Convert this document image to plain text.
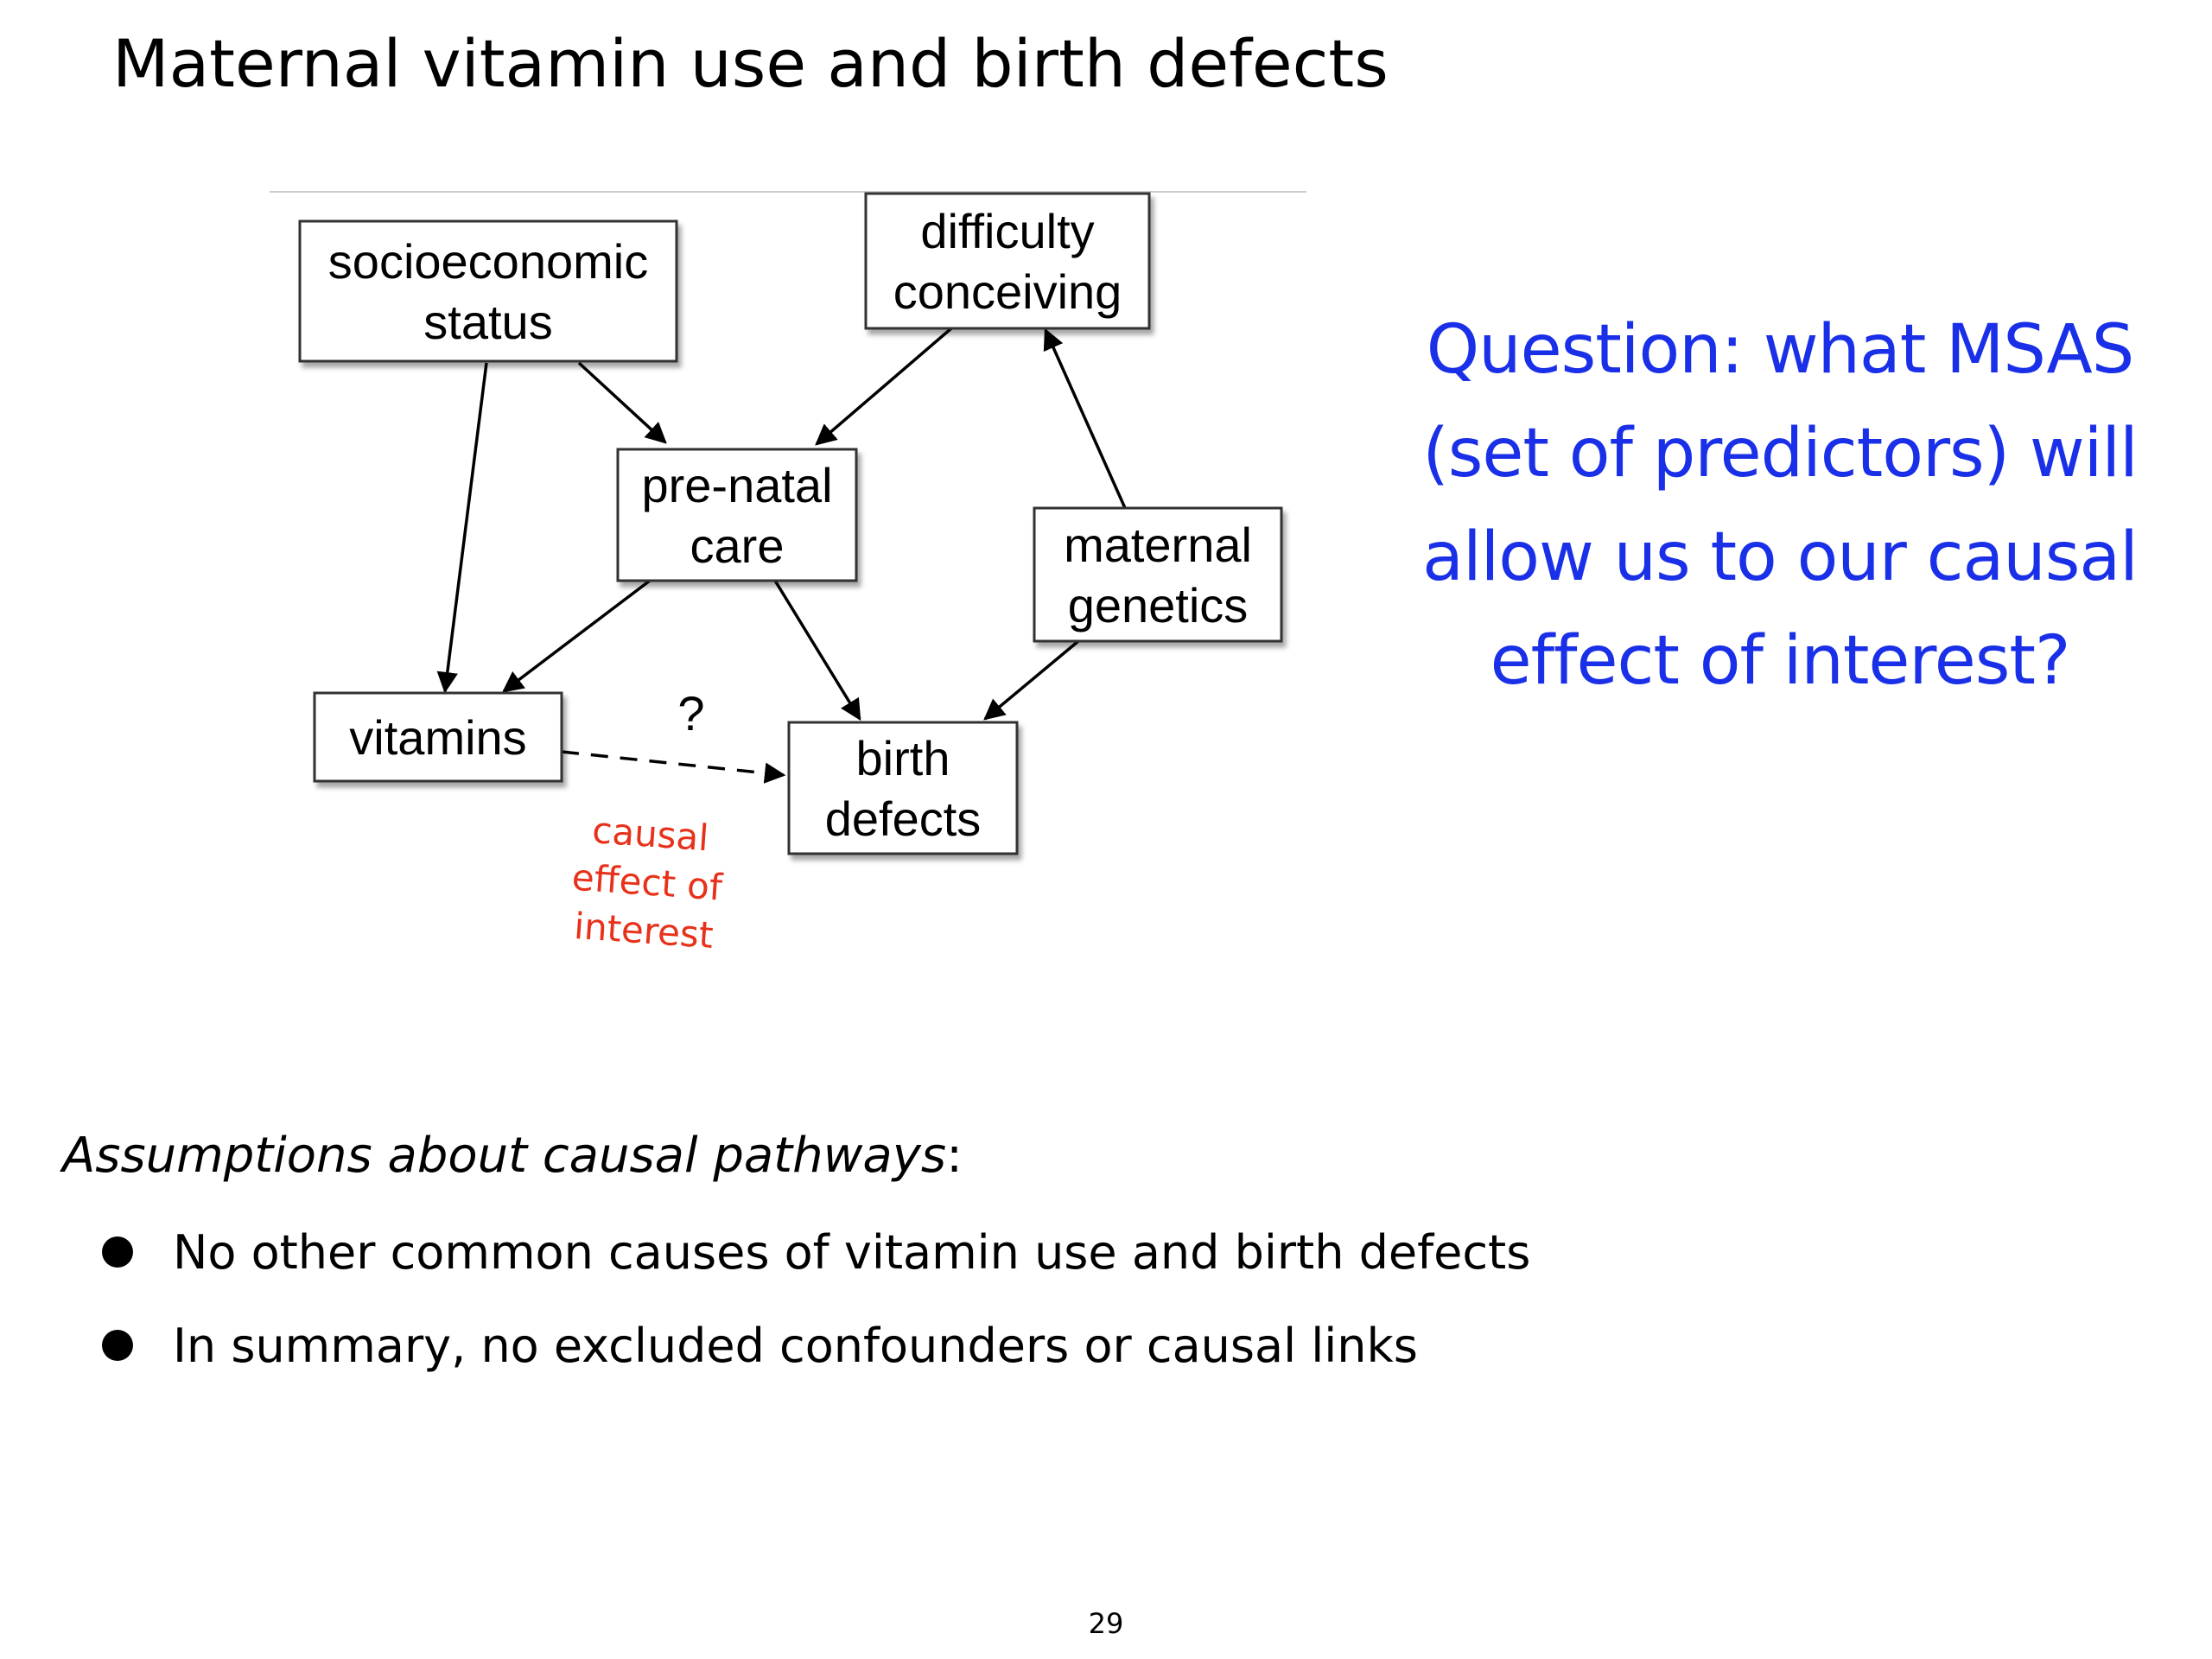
Maternal vitamin use and birth defects
socioeconomic
status
difficulty
conceiving
pre-natal
care	maternal
genetics
vitamins	birth
defects
?
causal
effect of
interest
Question: what MSAS (set of predictors) will allow us to our causal effect of interest?
Assumptions about causal pathways:
No other common causes of vitamin use and birth defects
In summary, no excluded confounders or causal links
29
